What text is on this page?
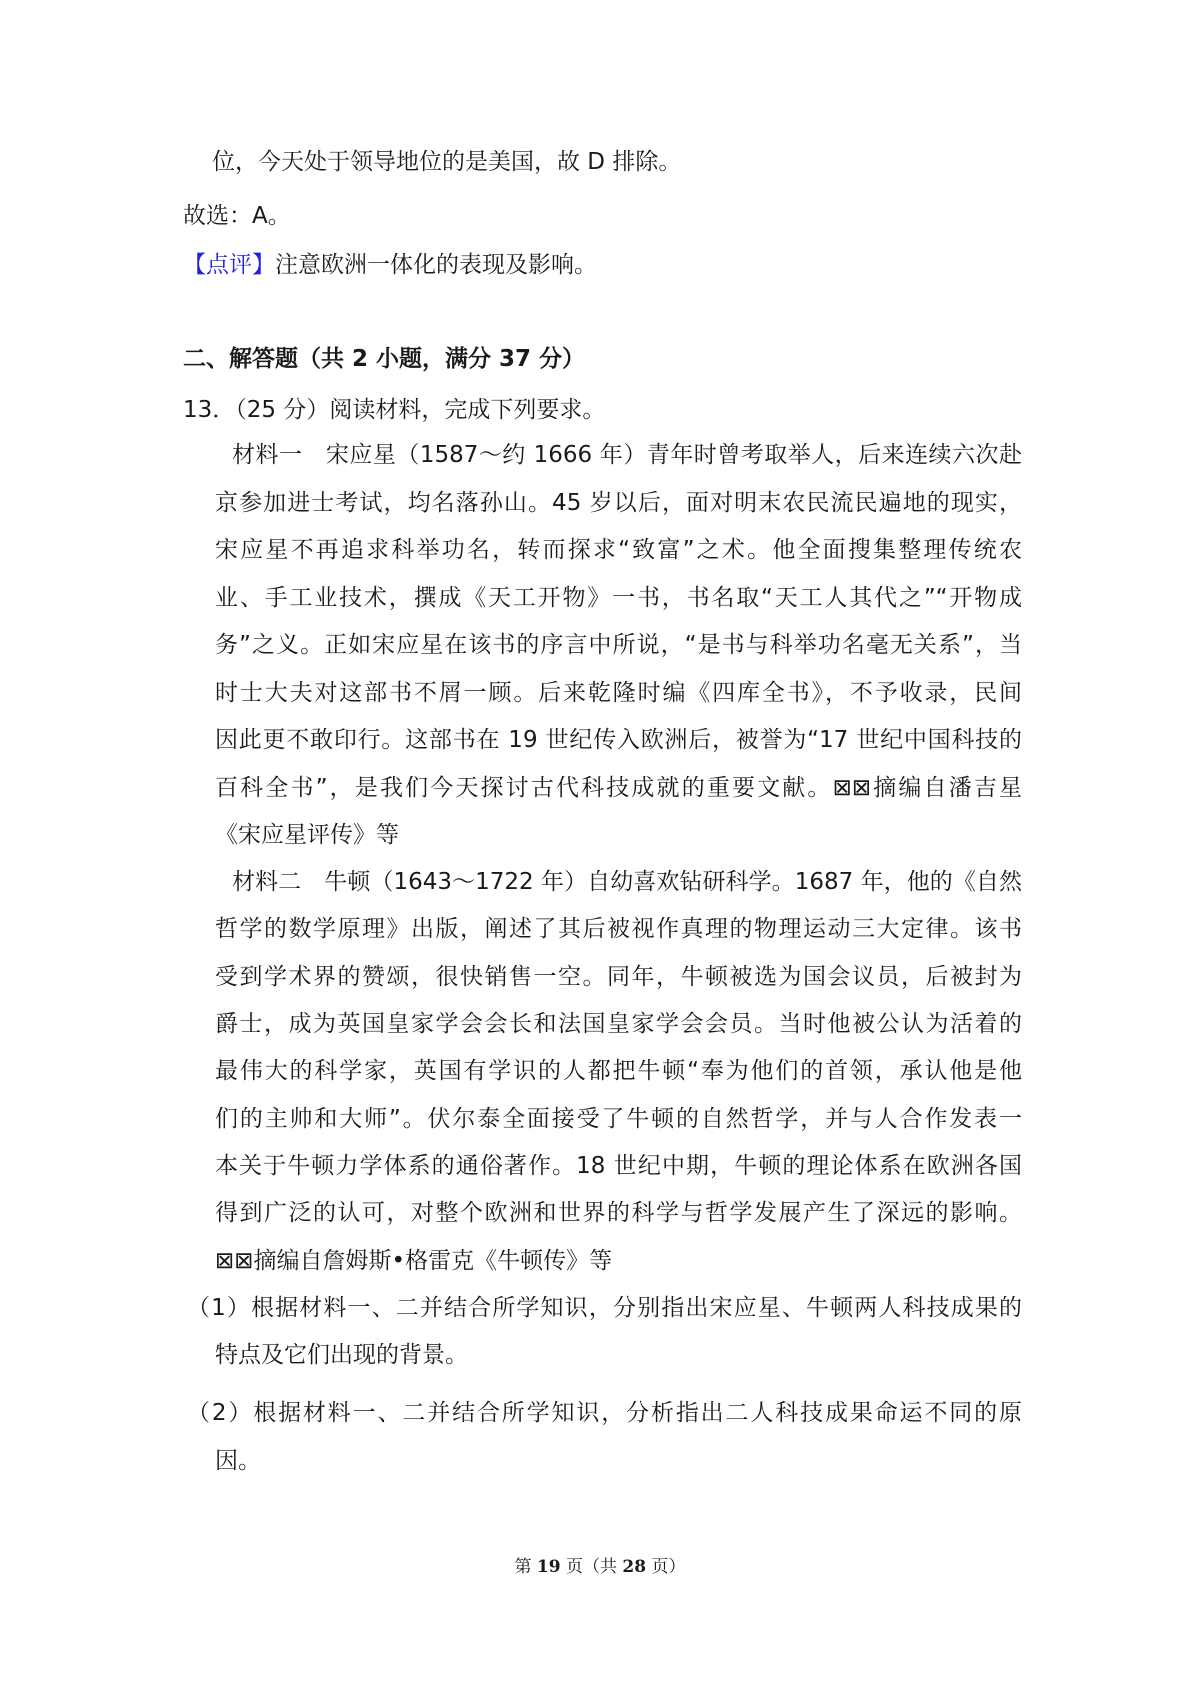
位，今天处于领导地位的是美国，故 D 排除。
故选：A。
【点评】注意欧洲一体化的表现及影响。
二、解答题（共 2 小题，满分 37 分）
13．（25 分）阅读材料，完成下列要求。
材料一　宋应星（1587～约 1666 年）青年时曾考取举人，后来连续六次赴
京参加进士考试，均名落孙山。45 岁以后，面对明末农民流民遍地的现实，
宋应星不再追求科举功名，转而探求“致富”之术。他全面搜集整理传统农
业、手工业技术，撰成《天工开物》一书，书名取“天工人其代之”“开物成
务”之义。正如宋应星在该书的序言中所说，“是书与科举功名毫无关系”，当
时士大夫对这部书不屑一顾。后来乾隆时编《四库全书》，不予收录，民间
因此更不敢印行。这部书在 19 世纪传入欧洲后，被誉为“17 世纪中国科技的
百科全书”，是我们今天探讨古代科技成就的重要文献。⊠⊠摘编自潘吉星
《宋应星评传》等
材料二　牛顿（1643～1722 年）自幼喜欢钻研科学。1687 年，他的《自然
哲学的数学原理》出版，阐述了其后被视作真理的物理运动三大定律。该书
受到学术界的赞颂，很快销售一空。同年，牛顿被选为国会议员，后被封为
爵士，成为英国皇家学会会长和法国皇家学会会员。当时他被公认为活着的
最伟大的科学家，英国有学识的人都把牛顿“奉为他们的首领，承认他是他
们的主帅和大师”。伏尔泰全面接受了牛顿的自然哲学，并与人合作发表一
本关于牛顿力学体系的通俗著作。18 世纪中期，牛顿的理论体系在欧洲各国
得到广泛的认可，对整个欧洲和世界的科学与哲学发展产生了深远的影响。
⊠⊠摘编自詹姆斯•格雷克《牛顿传》等
（1）根据材料一、二并结合所学知识，分别指出宋应星、牛顿两人科技成果的
特点及它们出现的背景。
（2）根据材料一、二并结合所学知识，分析指出二人科技成果命运不同的原
因。
第 19 页（共 28 页）
